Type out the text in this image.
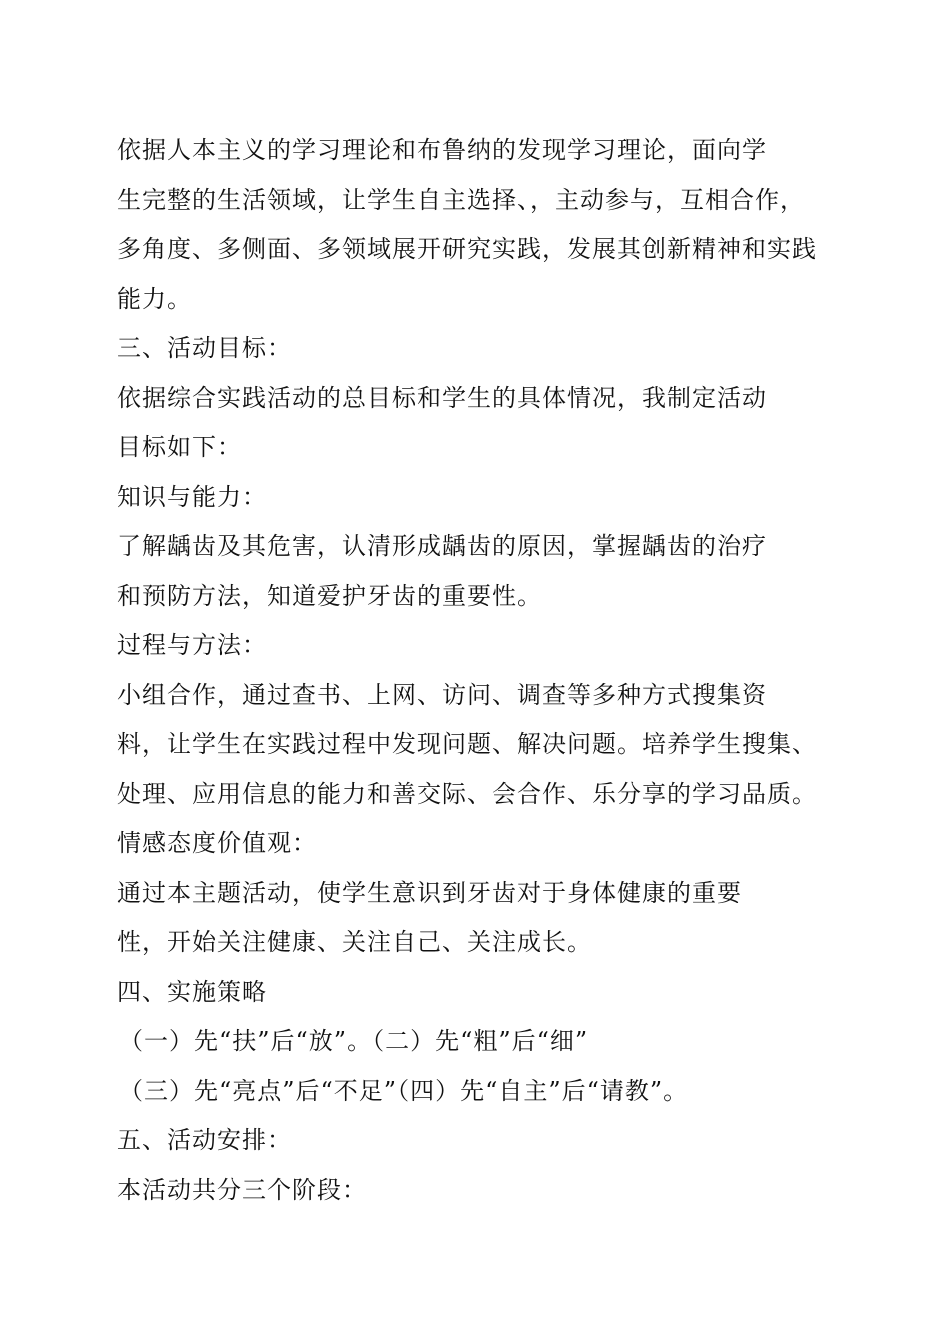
依据人本主义的学习理论和布鲁纳的发现学习理论，面向学
生完整的生活领域，让学生自主选择、，主动参与，互相合作，
多角度、多侧面、多领域展开研究实践，发展其创新精神和实践
能力。
三、活动目标：
依据综合实践活动的总目标和学生的具体情况，我制定活动
目标如下：
知识与能力：
了解龋齿及其危害，认清形成龋齿的原因，掌握龋齿的治疗
和预防方法，知道爱护牙齿的重要性。
过程与方法：
小组合作，通过查书、上网、访问、调查等多种方式搜集资
料，让学生在实践过程中发现问题、解决问题。培养学生搜集、
处理、应用信息的能力和善交际、会合作、乐分享的学习品质。
情感态度价值观：
通过本主题活动，使学生意识到牙齿对于身体健康的重要
性，开始关注健康、关注自己、关注成长。
四、实施策略
（一）先“扶”后“放”。（二）先“粗”后“细”
（三）先“亮点”后“不足”（四）先“自主”后“请教”。
五、活动安排：
本活动共分三个阶段：
